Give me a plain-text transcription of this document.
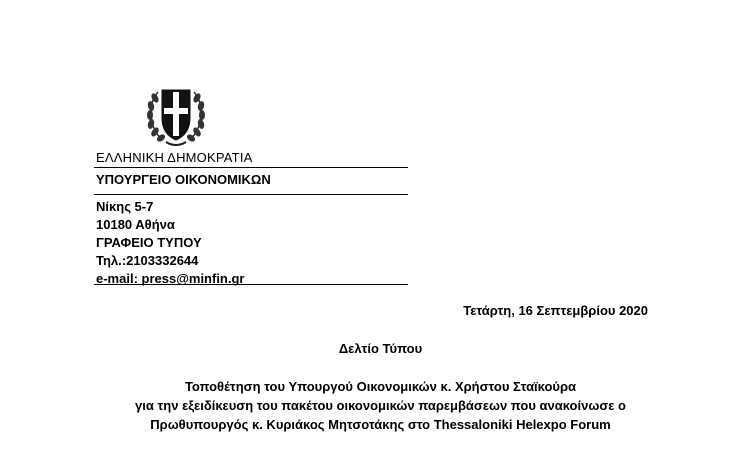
ΕΛΛΗΝΙΚΗ ΔΗΜΟΚΡΑΤΙΑ
ΥΠΟΥΡΓΕΙΟ ΟΙΚΟΝΟΜΙΚΩΝ
Νίκης 5-7
10180 Αθήνα
ΓΡΑΦΕΙΟ ΤΥΠΟΥ
Τηλ.:2103332644
e-mail: press@minfin.gr
Τετάρτη, 16 Σεπτεμβρίου 2020
Δελτίο Τύπου
Τοποθέτηση του Υπουργού Οικονομικών κ. Χρήστου Σταϊκούρα
για την εξειδίκευση του πακέτου οικονομικών παρεμβάσεων που ανακοίνωσε ο
Πρωθυπουργός κ. Κυριάκος Μητσοτάκης στο Thessaloniki Helexpo Forum
